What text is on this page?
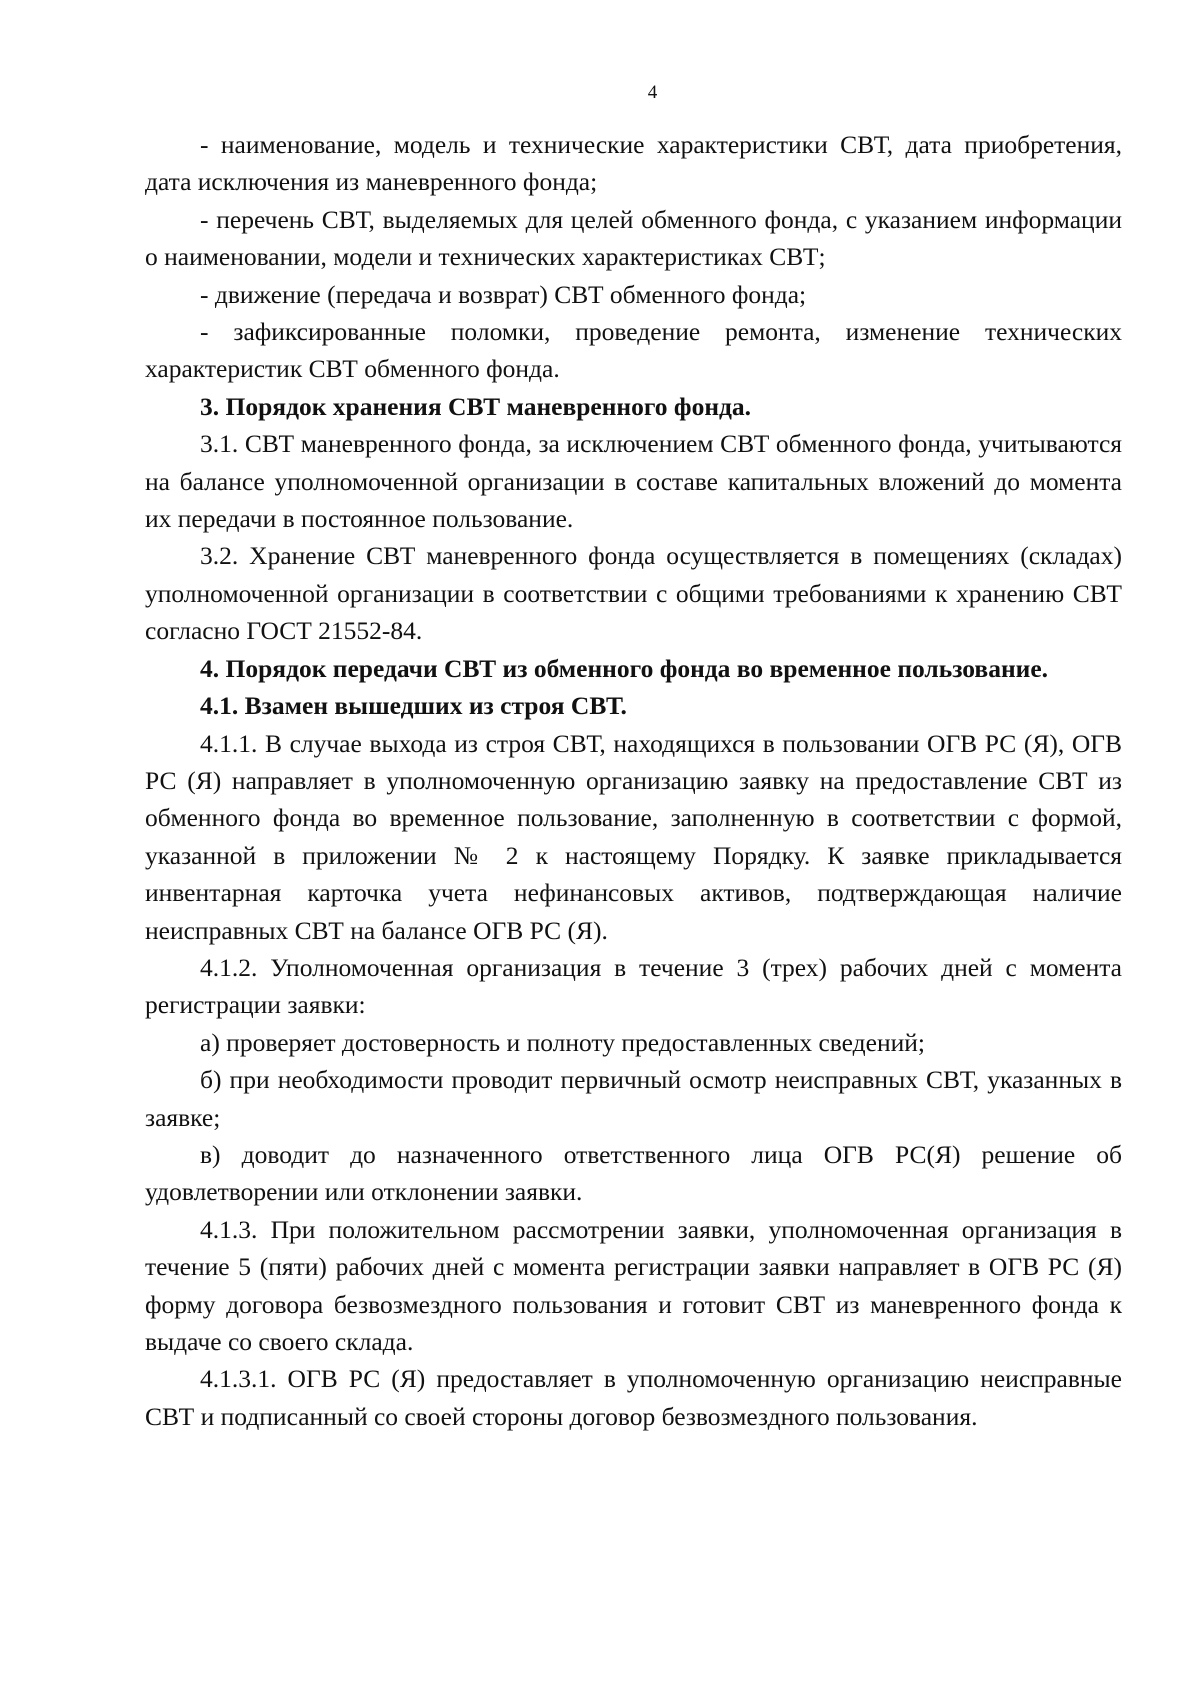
4

- наименование, модель и технические характеристики СВТ, дата приобретения, дата исключения из маневренного фонда;

- перечень СВТ, выделяемых для целей обменного фонда, с указанием информации о наименовании, модели и технических характеристиках СВТ;

- движение (передача и возврат) СВТ обменного фонда;

- зафиксированные поломки, проведение ремонта, изменение технических характеристик СВТ обменного фонда.

3. Порядок хранения СВТ маневренного фонда.

3.1. СВТ маневренного фонда, за исключением СВТ обменного фонда, учитываются на балансе уполномоченной организации в составе капитальных вложений до момента их передачи в постоянное пользование.

3.2. Хранение СВТ маневренного фонда осуществляется в помещениях (складах) уполномоченной организации в соответствии с общими требованиями к хранению СВТ согласно ГОСТ 21552-84.

4. Порядок передачи СВТ из обменного фонда во временное пользование.

4.1. Взамен вышедших из строя СВТ.

4.1.1. В случае выхода из строя СВТ, находящихся в пользовании ОГВ РС (Я), ОГВ РС (Я) направляет в уполномоченную организацию заявку на предоставление СВТ из обменного фонда во временное пользование, заполненную в соответствии с формой, указанной в приложении № 2 к настоящему Порядку. К заявке прикладывается инвентарная карточка учета нефинансовых активов, подтверждающая наличие неисправных СВТ на балансе ОГВ РС (Я).

4.1.2. Уполномоченная организация в течение 3 (трех) рабочих дней с момента регистрации заявки:

а) проверяет достоверность и полноту предоставленных сведений;

б) при необходимости проводит первичный осмотр неисправных СВТ, указанных в заявке;

в) доводит до назначенного ответственного лица ОГВ РС(Я) решение об удовлетворении или отклонении заявки.

4.1.3. При положительном рассмотрении заявки, уполномоченная организация в течение 5 (пяти) рабочих дней с момента регистрации заявки направляет в ОГВ РС (Я) форму договора безвозмездного пользования и готовит СВТ из маневренного фонда к выдаче со своего склада.

4.1.3.1. ОГВ РС (Я) предоставляет в уполномоченную организацию неисправные СВТ и подписанный со своей стороны договор безвозмездного пользования.
